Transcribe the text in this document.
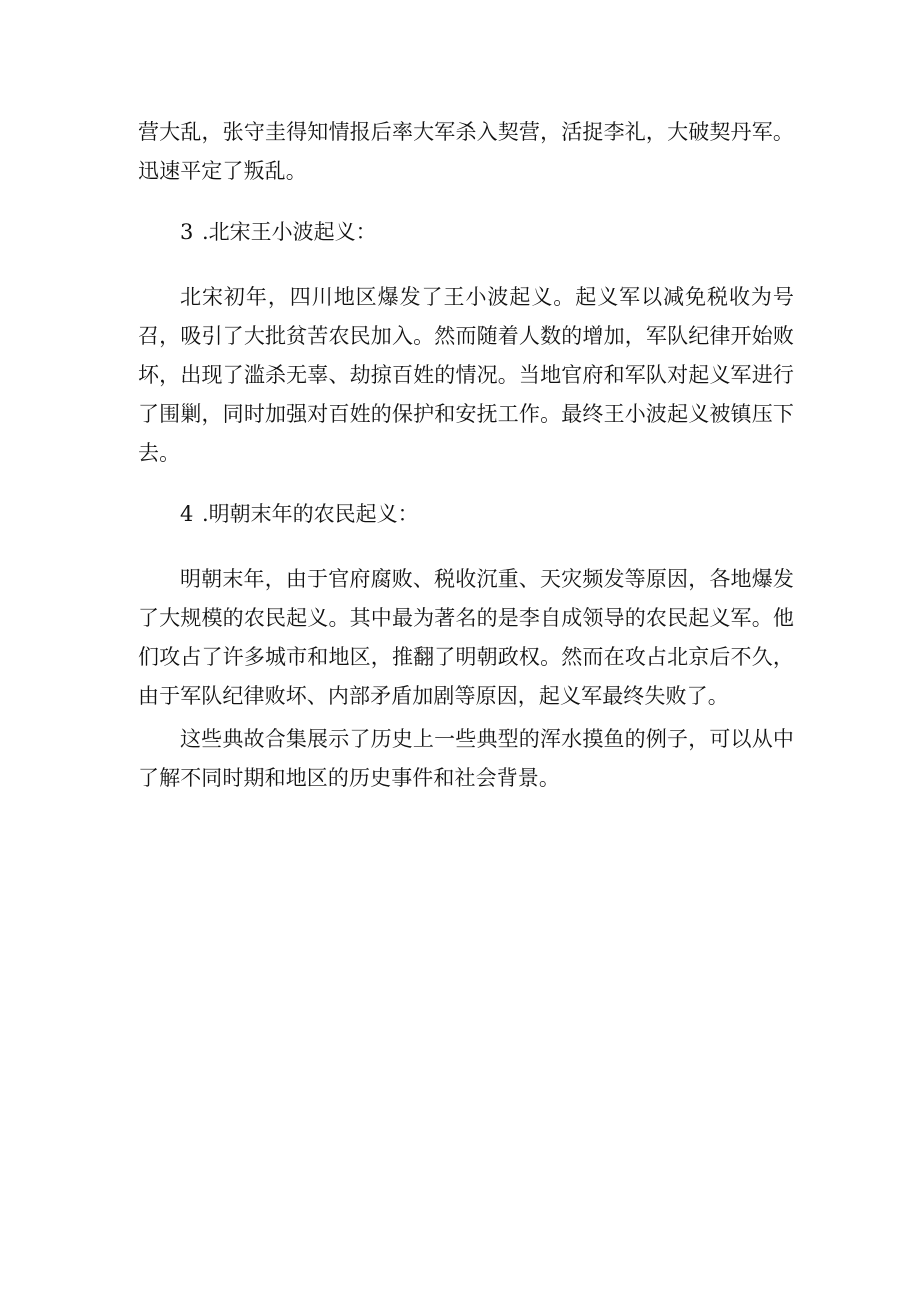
营大乱，张守圭得知情报后率大军杀入契营，活捉李礼，大破契丹军。迅速平定了叛乱。

3 .北宋王小波起义：

北宋初年，四川地区爆发了王小波起义。起义军以减免税收为号召，吸引了大批贫苦农民加入。然而随着人数的增加，军队纪律开始败坏，出现了滥杀无辜、劫掠百姓的情况。当地官府和军队对起义军进行了围剿，同时加强对百姓的保护和安抚工作。最终王小波起义被镇压下去。

4 .明朝末年的农民起义：

明朝末年，由于官府腐败、税收沉重、天灾频发等原因，各地爆发了大规模的农民起义。其中最为著名的是李自成领导的农民起义军。他们攻占了许多城市和地区，推翻了明朝政权。然而在攻占北京后不久，由于军队纪律败坏、内部矛盾加剧等原因，起义军最终失败了。

这些典故合集展示了历史上一些典型的浑水摸鱼的例子，可以从中了解不同时期和地区的历史事件和社会背景。
